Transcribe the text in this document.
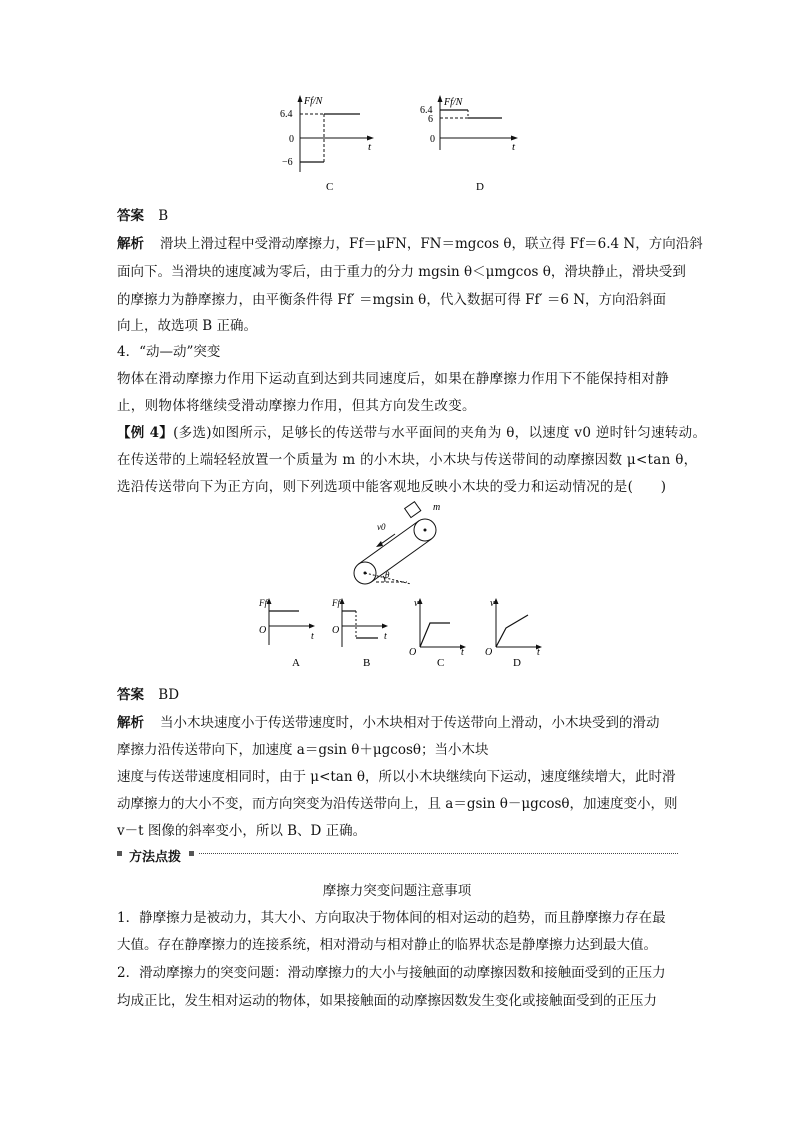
Ff/N
6.4
0
−6
t
C
Ff/N
6.4
6
0
t
D
答案 B
解析 滑块上滑过程中受滑动摩擦力，Ff＝μFN，FN＝mgcos θ，联立得 Ff＝6.4 N，方向沿斜
面向下。当滑块的速度减为零后，由于重力的分力 mgsin θ＜μmgcos θ，滑块静止，滑块受到
的摩擦力为静摩擦力，由平衡条件得 Ff′ ＝mgsin θ，代入数据可得 Ff′ ＝6 N，方向沿斜面
向上，故选项 B 正确。
4．“动—动”突变
物体在滑动摩擦力作用下运动直到达到共同速度后，如果在静摩擦力作用下不能保持相对静
止，则物体将继续受滑动摩擦力作用，但其方向发生改变。
【例 4】(多选)如图所示，足够长的传送带与水平面间的夹角为 θ，以速度 v0 逆时针匀速转动。
在传送带的上端轻轻放置一个质量为 m 的小木块，小木块与传送带间的动摩擦因数 μ<tan θ，
选沿传送带向下为正方向，则下列选项中能客观地反映小木块的受力和运动情况的是(　　)
m
v0
θ
Ff
O
t
A
Ff
O
t
B
v
O	t
C
v
O	t
D
答案 BD
解析 当小木块速度小于传送带速度时，小木块相对于传送带向上滑动，小木块受到的滑动
摩擦力沿传送带向下，加速度 a＝gsin θ＋μgcosθ；当小木块
速度与传送带速度相同时，由于 μ<tan θ，所以小木块继续向下运动，速度继续增大，此时滑
动摩擦力的大小不变，而方向突变为沿传送带向上，且 a＝gsin θ－μgcosθ，加速度变小，则
v－t 图像的斜率变小，所以 B、D 正确。
方法点拨
摩擦力突变问题注意事项
1．静摩擦力是被动力，其大小、方向取决于物体间的相对运动的趋势，而且静摩擦力存在最
大值。存在静摩擦力的连接系统，相对滑动与相对静止的临界状态是静摩擦力达到最大值。
2．滑动摩擦力的突变问题：滑动摩擦力的大小与接触面的动摩擦因数和接触面受到的正压力
均成正比，发生相对运动的物体，如果接触面的动摩擦因数发生变化或接触面受到的正压力
